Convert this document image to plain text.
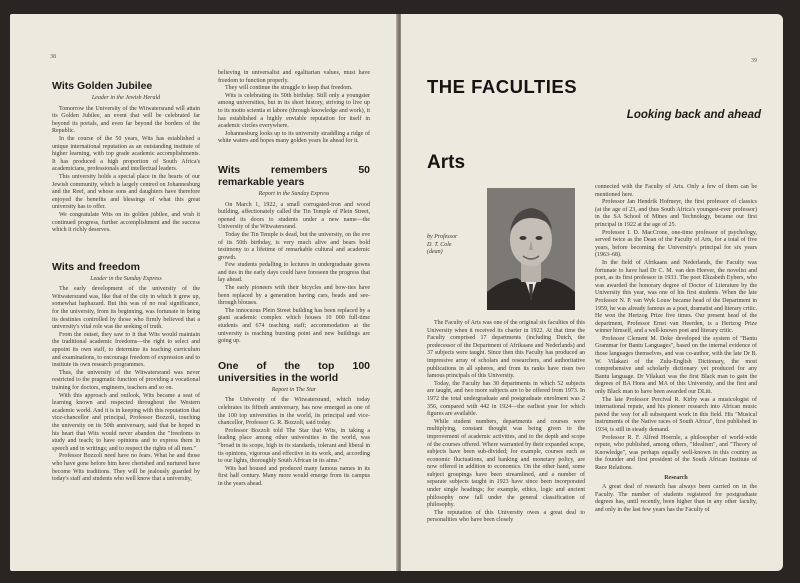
38
Wits Golden Jubilee
Leader in the Jewish Herald

Tomorrow the University of the Witwatersrand will attain its Golden Jubilee, an event that will be celebrated far beyond its portals, and even far beyond the borders of the Republic.

In the course of the 50 years, Wits has established a unique international reputation as an outstanding institute of higher learning, with top grade academic accomplishments. It has produced a high proportion of South Africa's academicians, professionals and intellectual leaders.

This university holds a special place in the hearts of our Jewish community, which is largely centred on Johannesburg and the Reef, and whose sons and daughters have therefore enjoyed the benefits and blessings of what this great university has to offer.

We congratulate Wits on its golden jubilee, and wish it continued progress, further accomplishment and the success which it richly deserves.

Wits and freedom
Leader in the Sunday Express

The early development of the university of the Witwatersrand was, like that of the city in which it grew up, somewhat haphazard. But this was of no real significance, for the university, from its beginning, was fortunate in being its destinies controlled by those who firmly believed that a university's vital role was the seeking of truth.

From the outset, they saw to it that Wits would maintain the traditional academic freedoms—the right to select and appoint its own staff, to determine its teaching curriculum and examinations, to encourage freedom of expression and to institute its own research programmes.

Thus, the university of the Witwatersrand was never restricted to the pragmatic function of providing a vocational training for doctors, engineers, teachers and so on.

With this approach and outlook, Wits became a seat of learning known and respected throughout the Western academic world. And it is in keeping with this reputation that vice-chancellor and principal, Professor Bozzoli, touching the university on its 50th anniversary, said that he hoped in his heart that Wits would never abandon the "freedoms to study and teach; to have opinions and to express them in speech and in writings; and to respect the rights of all men."

Professor Bozzoli need have no fears. What he and those who have gone before him have cherished and nurtured have become Wits traditions. They will be jealously guarded by today's staff and students who well know that a university,

believing in universalist and egalitarian values, must have freedom to function properly.

They will continue the struggle to keep that freedom.

Wits is celebrating its 50th birthday. Still only a youngster among universities, but in its short history, striving to live up to its motto scientia et labore (through knowledge and work), it has established a highly enviable reputation for itself in academic circles everywhere.

Johannesburg looks up to its university straddling a ridge of white waters and hopes many golden years lie ahead for it.

Wits remembers 50 remarkable years
Report in the Sunday Express

On March 1, 1922, a small corrugated-iron and wood building, affectionately called the Tin Temple of Plein Street, opened its doors to students under a new name—the University of the Witwatersrand.

Today the Tin Temple is dead, but the university, on the eve of its 50th birthday, is very much alive and bears bold testimony to a lifetime of remarkable cultural and academic growth.

Few students pedalling to lectures in undergraduate gowns and ties in the early days could have foreseen the progress that lay ahead.

The early pioneers with their bicycles and bow-ties have been replaced by a generation having cars, beads and see-through blouses.

The innocuous Plein Street building has been replaced by a giant academic complex which houses 10 000 full-time students and 674 teaching staff; accommodation at the university is reaching bursting point and new buildings are going up.

One of the top 100 universities in the world
Report in The Star

The University of the Witwatersrand, which today celebrates its fiftieth anniversary, has now emerged as one of the 100 top universities in the world, its principal and vice-chancellor, Professor G. R. Bozzoli, said today.

Professor Bozzoli told The Star that Wits, in taking a leading place among other universities in the world, was "broad in its scope, high in its standards, tolerant and liberal in its opinions, vigorous and effective in its work, and, according to our lights, thoroughly South African in its aims."

Wits had housed and produced many famous names in its first half century. Many more would emerge from its campus in the years ahead.

39
THE FACULTIES
Looking back and ahead
Arts
by Professor
D. T. Cole
(dean)

The Faculty of Arts was one of the original six faculties of this University when it received its charter in 1922. At that time the Faculty comprised 17 departments (including Dutch, the predecessor of the Department of Afrikaans and Nederlands) and 37 subjects were taught. Since then this Faculty has produced an impressive array of scholars and researchers, and authoritative publications in all spheres, and from its ranks have risen two famous principals of this University.

Today, the Faculty has 30 departments in which 52 subjects are taught, and two more subjects are to be offered from 1973. In 1972 the total undergraduate and postgraduate enrolment was 2 356, compared with 442 in 1924—the earliest year for which figures are available.

While student numbers, departments and courses were multiplying, constant thought was being given to the improvement of academic activities, and to the depth and scope of the courses offered. Where warranted by their expanded scope, subjects have been sub-divided; for example, courses such as economic fluctuations, and banking and monetary policy, are now offered in addition to economics. On the other hand, some subject groupings have been streamlined, and a number of separate subjects taught in 1923 have since been incorporated under single headings; for example, ethics, logic and ancient philosophy now fall under the general classification of philosophy.

The reputation of this University owes a great deal to personalities who have been closely

connected with the Faculty of Arts. Only a few of them can be mentioned here.

Professor Jan Hendrik Hofmeyr, the first professor of classics (at the age of 23, and thus South Africa's youngest-ever professor) in the SA School of Mines and Technology, became our first principal in 1922 at the age of 25.

Professor I. D. MacCrone, one-time professor of psychology, served twice as the Dean of the Faculty of Arts, for a total of five years, before becoming the University's principal for six years (1963–68).

In the field of Afrikaans and Nederlands, the Faculty was fortunate to have had Dr C. M. van den Heever, the novelist and poet, as its first professor in 1933. The poet Elizabeth Eybers, who was awarded the honorary degree of Doctor of Literature by the University this year, was one of his first students. When the late Professor N. P. van Wyk Louw became head of the Department in 1959, he was already famous as a poet, dramatist and literary critic. He won the Hertzog Prize five times. Our present head of the department, Professor Ernst van Heerden, is a Hertzog Prize winner himself, and a well-known poet and literary critic.

Professor Clement M. Doke developed the system of "Bantu Grammar for Bantu Languages", based on the internal evidence of those languages themselves, and was co-author, with the late Dr B. W. Vilakazi of the Zulu-English Dictionary, the most comprehensive and scholarly dictionary yet produced for any Bantu language. Dr Vilakazi was the first Black man to gain the degrees of BA Hons and MA of this University, and the first and only Black man to have been awarded our DLitt.

The late Professor Percival R. Kirby was a musicologist of international repute, and his pioneer research into African music paved the way for all subsequent work in this field. His "Musical instruments of the Native races of South Africa", first published in 1934, is still in steady demand.

Professor R. F. Alfred Hoernle, a philosopher of world-wide repute, who published, among others, "Idealism", and "Theory of Knowledge", was perhaps equally well-known in this country as the founder and first president of the South African Institute of Race Relations.

Research

A great deal of research has always been carried on in the Faculty. The number of students registered for postgraduate degrees has, until recently, been higher than in any other faculty, and only in the last few years has the Faculty of
